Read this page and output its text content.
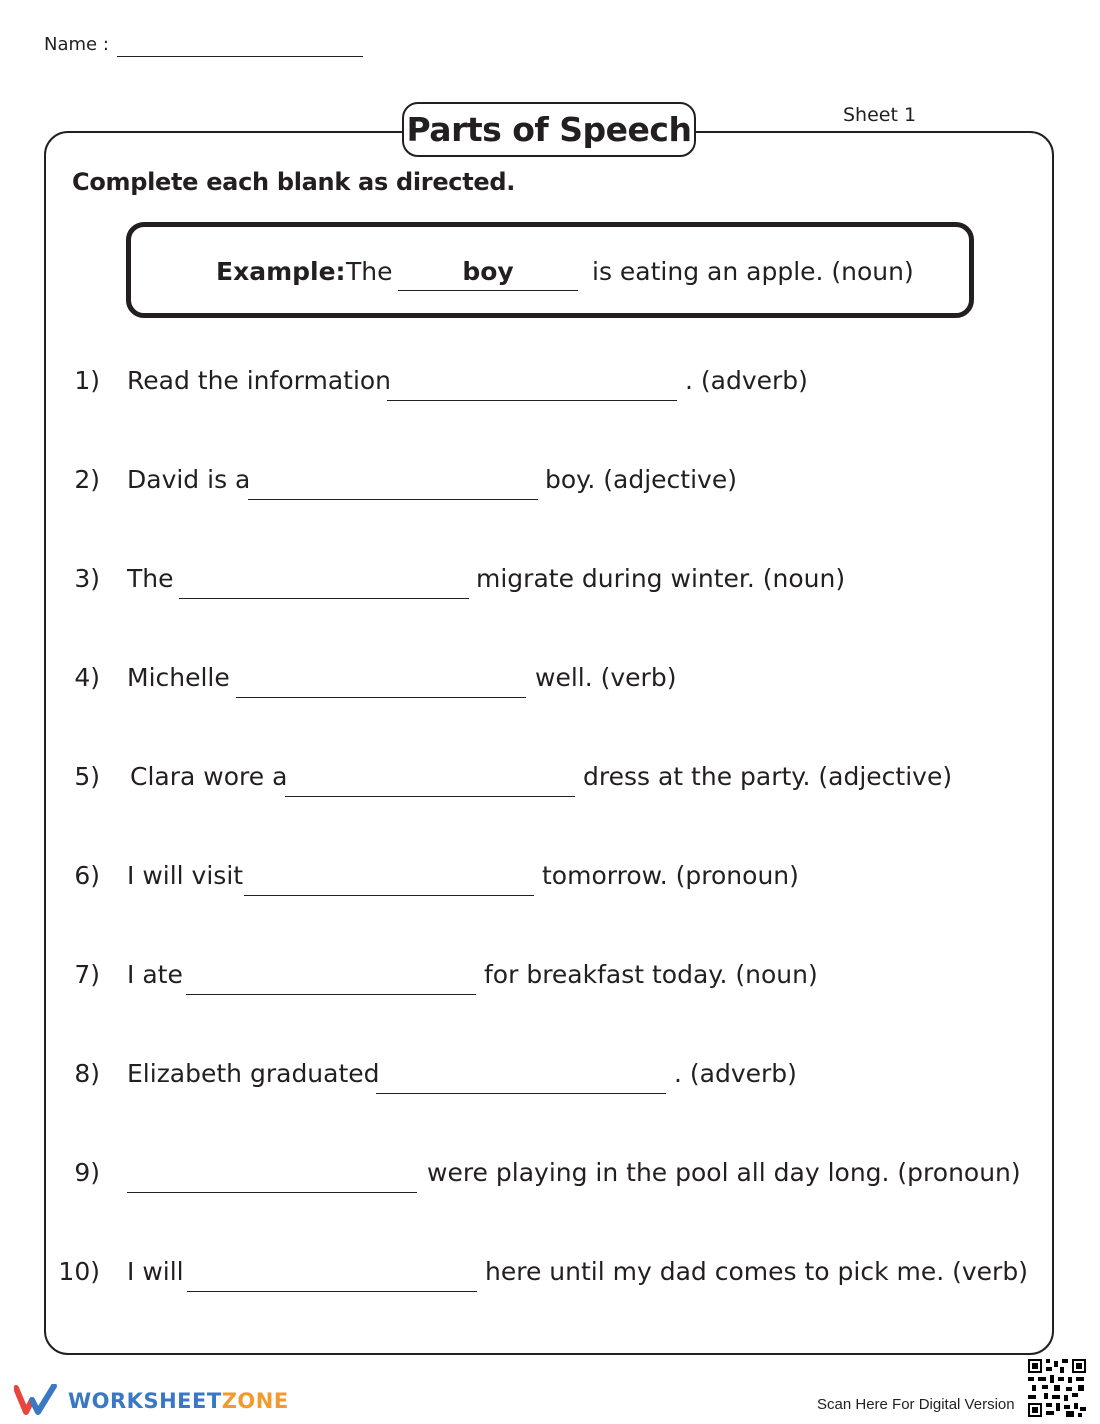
Name :
Parts of Speech	Sheet 1
Complete each blank as directed.
Example: The	boy	is eating an apple. (noun)
1) Read the information	. (adverb)
2) David is a	boy. (adjective)
3) The	migrate during winter. (noun)
4) Michelle	well. (verb)
5) Clara wore a	dress at the party. (adjective)
6) I will visit	tomorrow. (pronoun)
7) I ate	for breakfast today. (noun)
8) Elizabeth graduated	. (adverb)
9)	were playing in the pool all day long. (pronoun)
10) I will	here until my dad comes to pick me. (verb)
WORKSHEETZONE	Scan Here For Digital Version
